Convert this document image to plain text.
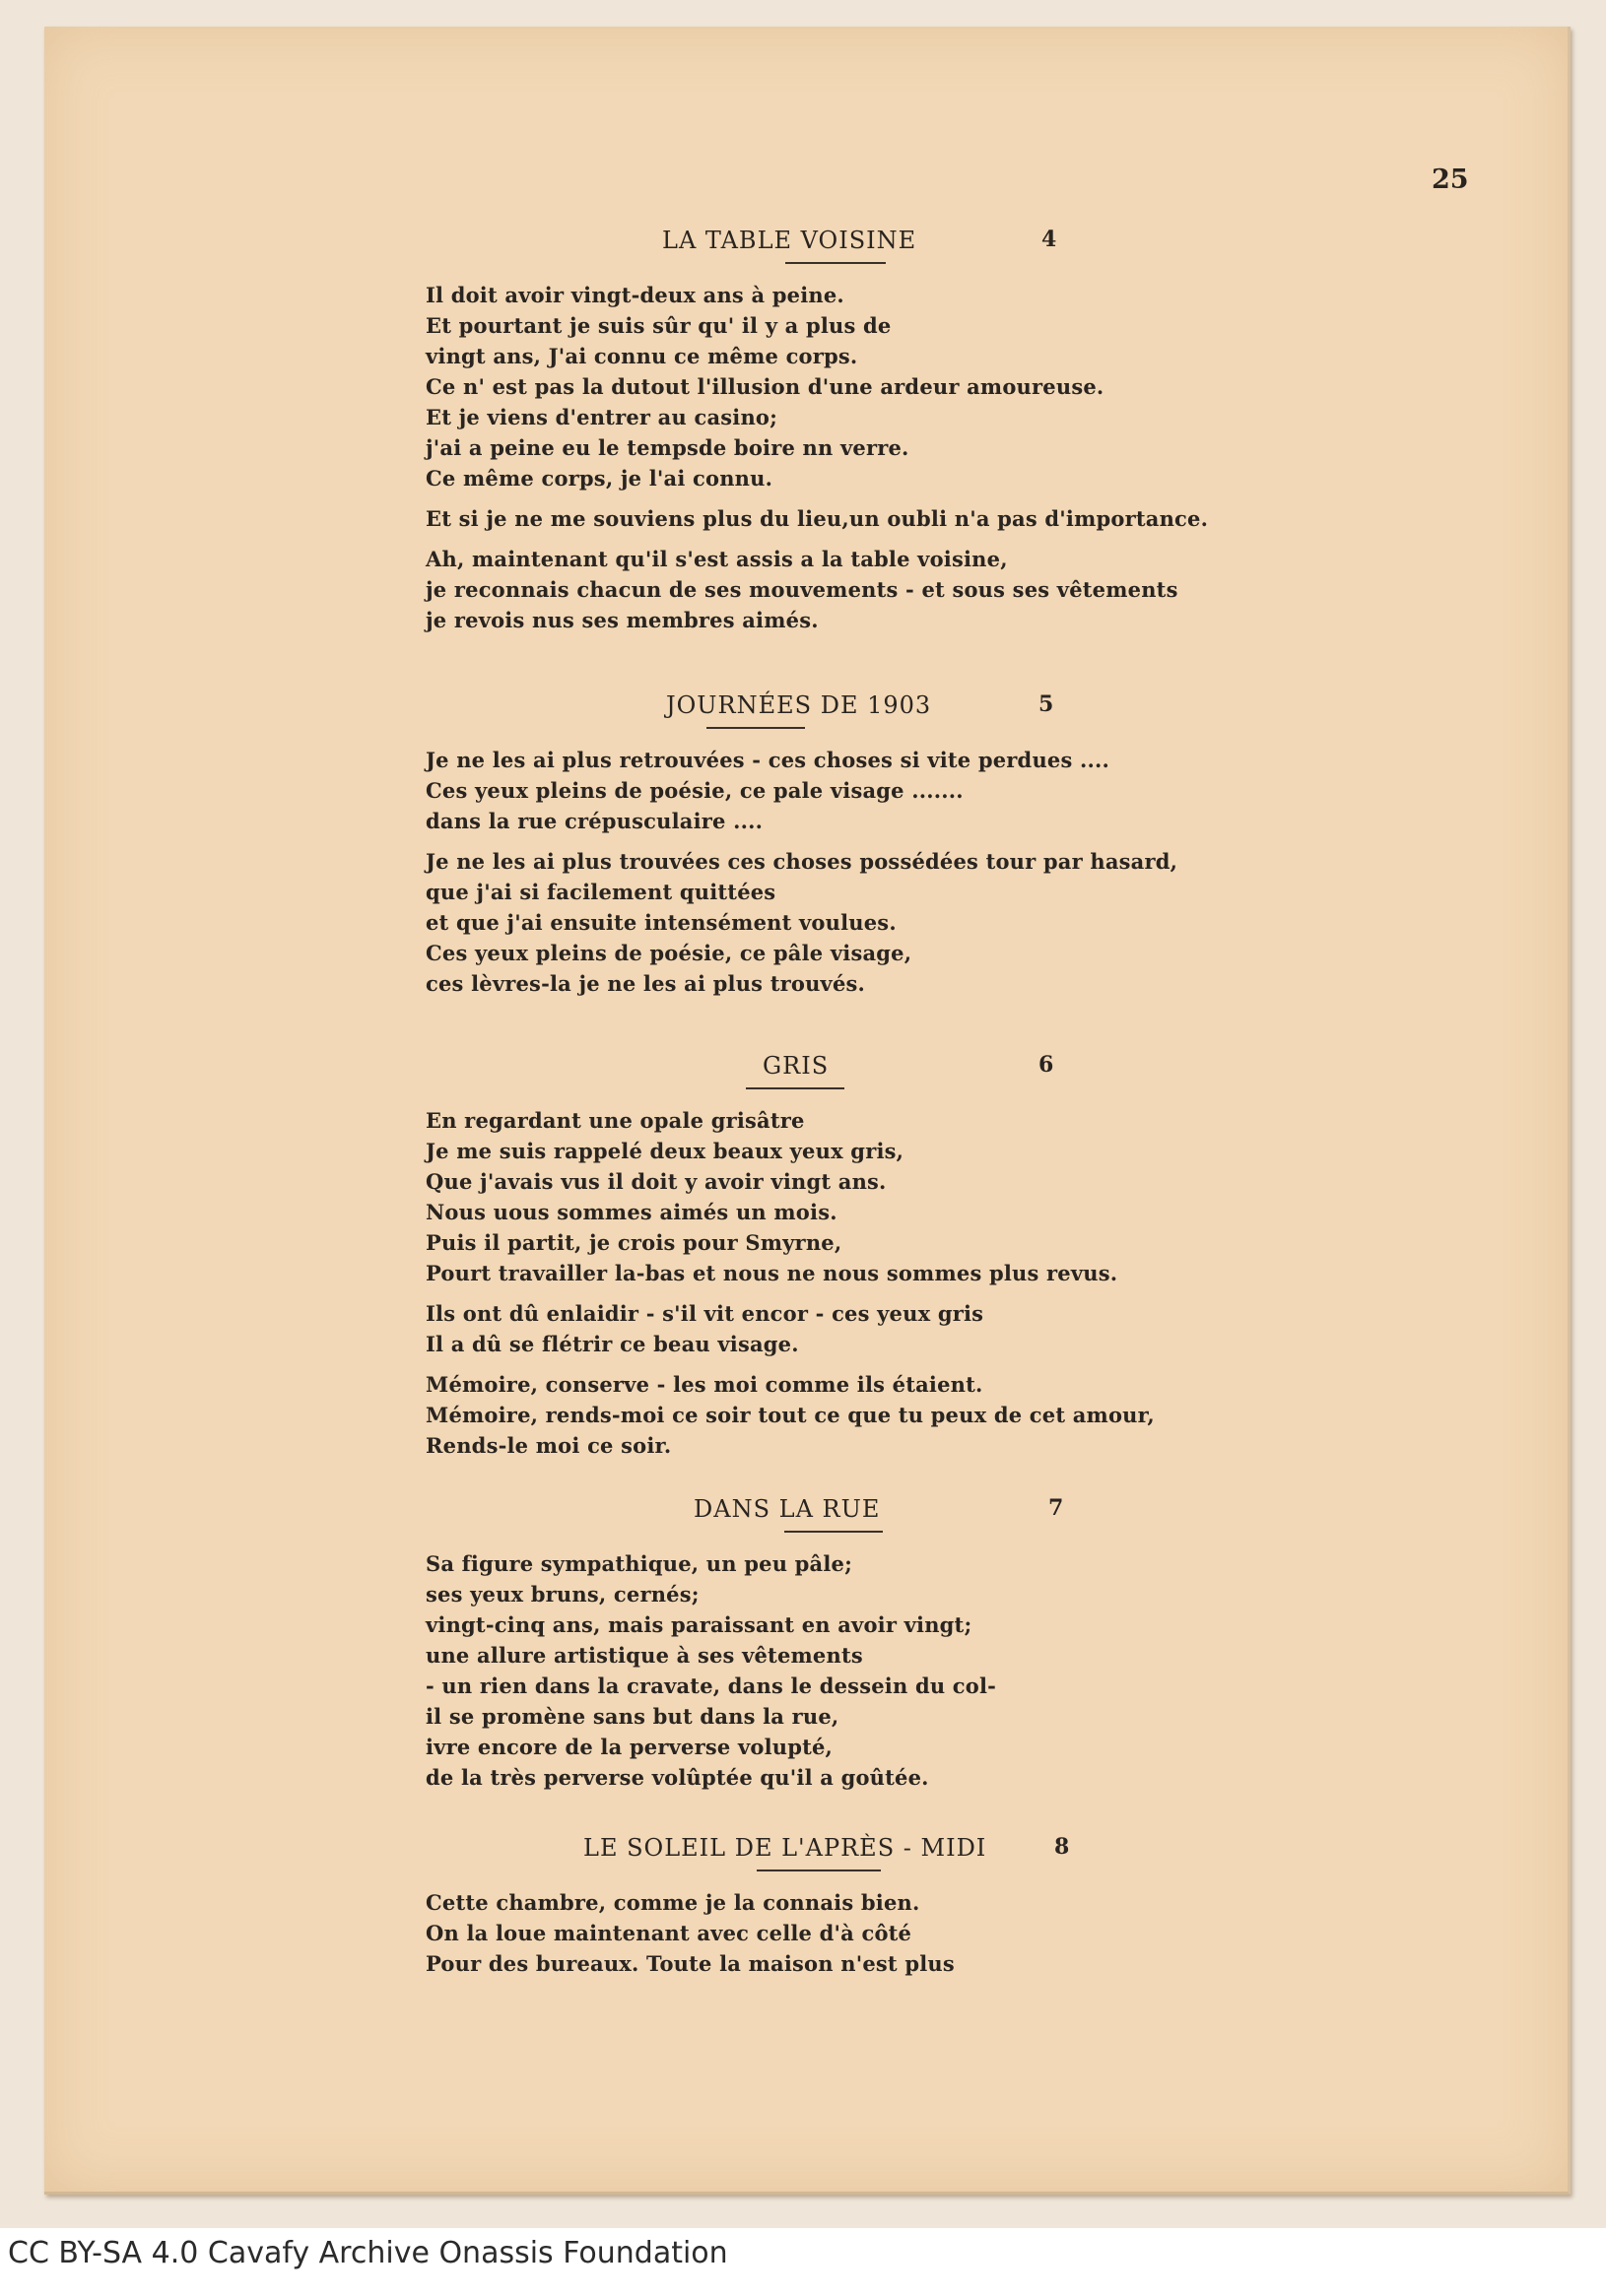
25
LA TABLE VOISINE	4
Il doit avoir vingt-deux ans à peine.
Et pourtant je suis sûr qu' il y a plus de
vingt ans, J'ai connu ce même corps.
Ce n' est pas la dutout l'illusion d'une ardeur amoureuse.
Et je viens d'entrer au casino;
j'ai a peine eu le tempsde boire nn verre.
Ce même corps, je l'ai connu.
Et si je ne me souviens plus du lieu,un oubli n'a pas d'importance.
Ah, maintenant qu'il s'est assis a la table voisine,
je reconnais chacun de ses mouvements - et sous ses vêtements
je revois nus ses membres aimés.
JOURNÉES DE 1903	5
Je ne les ai plus retrouvées - ces choses si vite perdues ....
Ces yeux pleins de poésie, ce pale visage .......
dans la rue crépusculaire ....
Je ne les ai plus trouvées ces choses possédées tour par hasard,
que j'ai si facilement quittées
et que j'ai ensuite intensément voulues.
Ces yeux pleins de poésie, ce pâle visage,
ces lèvres-la je ne les ai plus trouvés.
GRIS	6
En regardant une opale grisâtre
Je me suis rappelé deux beaux yeux gris,
Que j'avais vus il doit y avoir vingt ans.
Nous uous sommes aimés un mois.
Puis il partit, je crois pour Smyrne,
Pourt travailler la-bas et nous ne nous sommes plus revus.
Ils ont dû enlaidir - s'il vit encor - ces yeux gris
Il a dû se flétrir ce beau visage.
Mémoire, conserve - les moi comme ils étaient.
Mémoire, rends-moi ce soir tout ce que tu peux de cet amour,
Rends-le moi ce soir.
DANS LA RUE	7
Sa figure sympathique, un peu pâle;
ses yeux bruns, cernés;
vingt-cinq ans, mais paraissant en avoir vingt;
une allure artistique à ses vêtements
- un rien dans la cravate, dans le dessein du col-
il se promène sans but dans la rue,
ivre encore de la perverse volupté,
de la très perverse volûptée qu'il a goûtée.
LE SOLEIL DE L'APRÈS - MIDI	8
Cette chambre, comme je la connais bien.
On la loue maintenant avec celle d'à côté
Pour des bureaux. Toute la maison n'est plus
CC BY-SA 4.0 Cavafy Archive Onassis Foundation
